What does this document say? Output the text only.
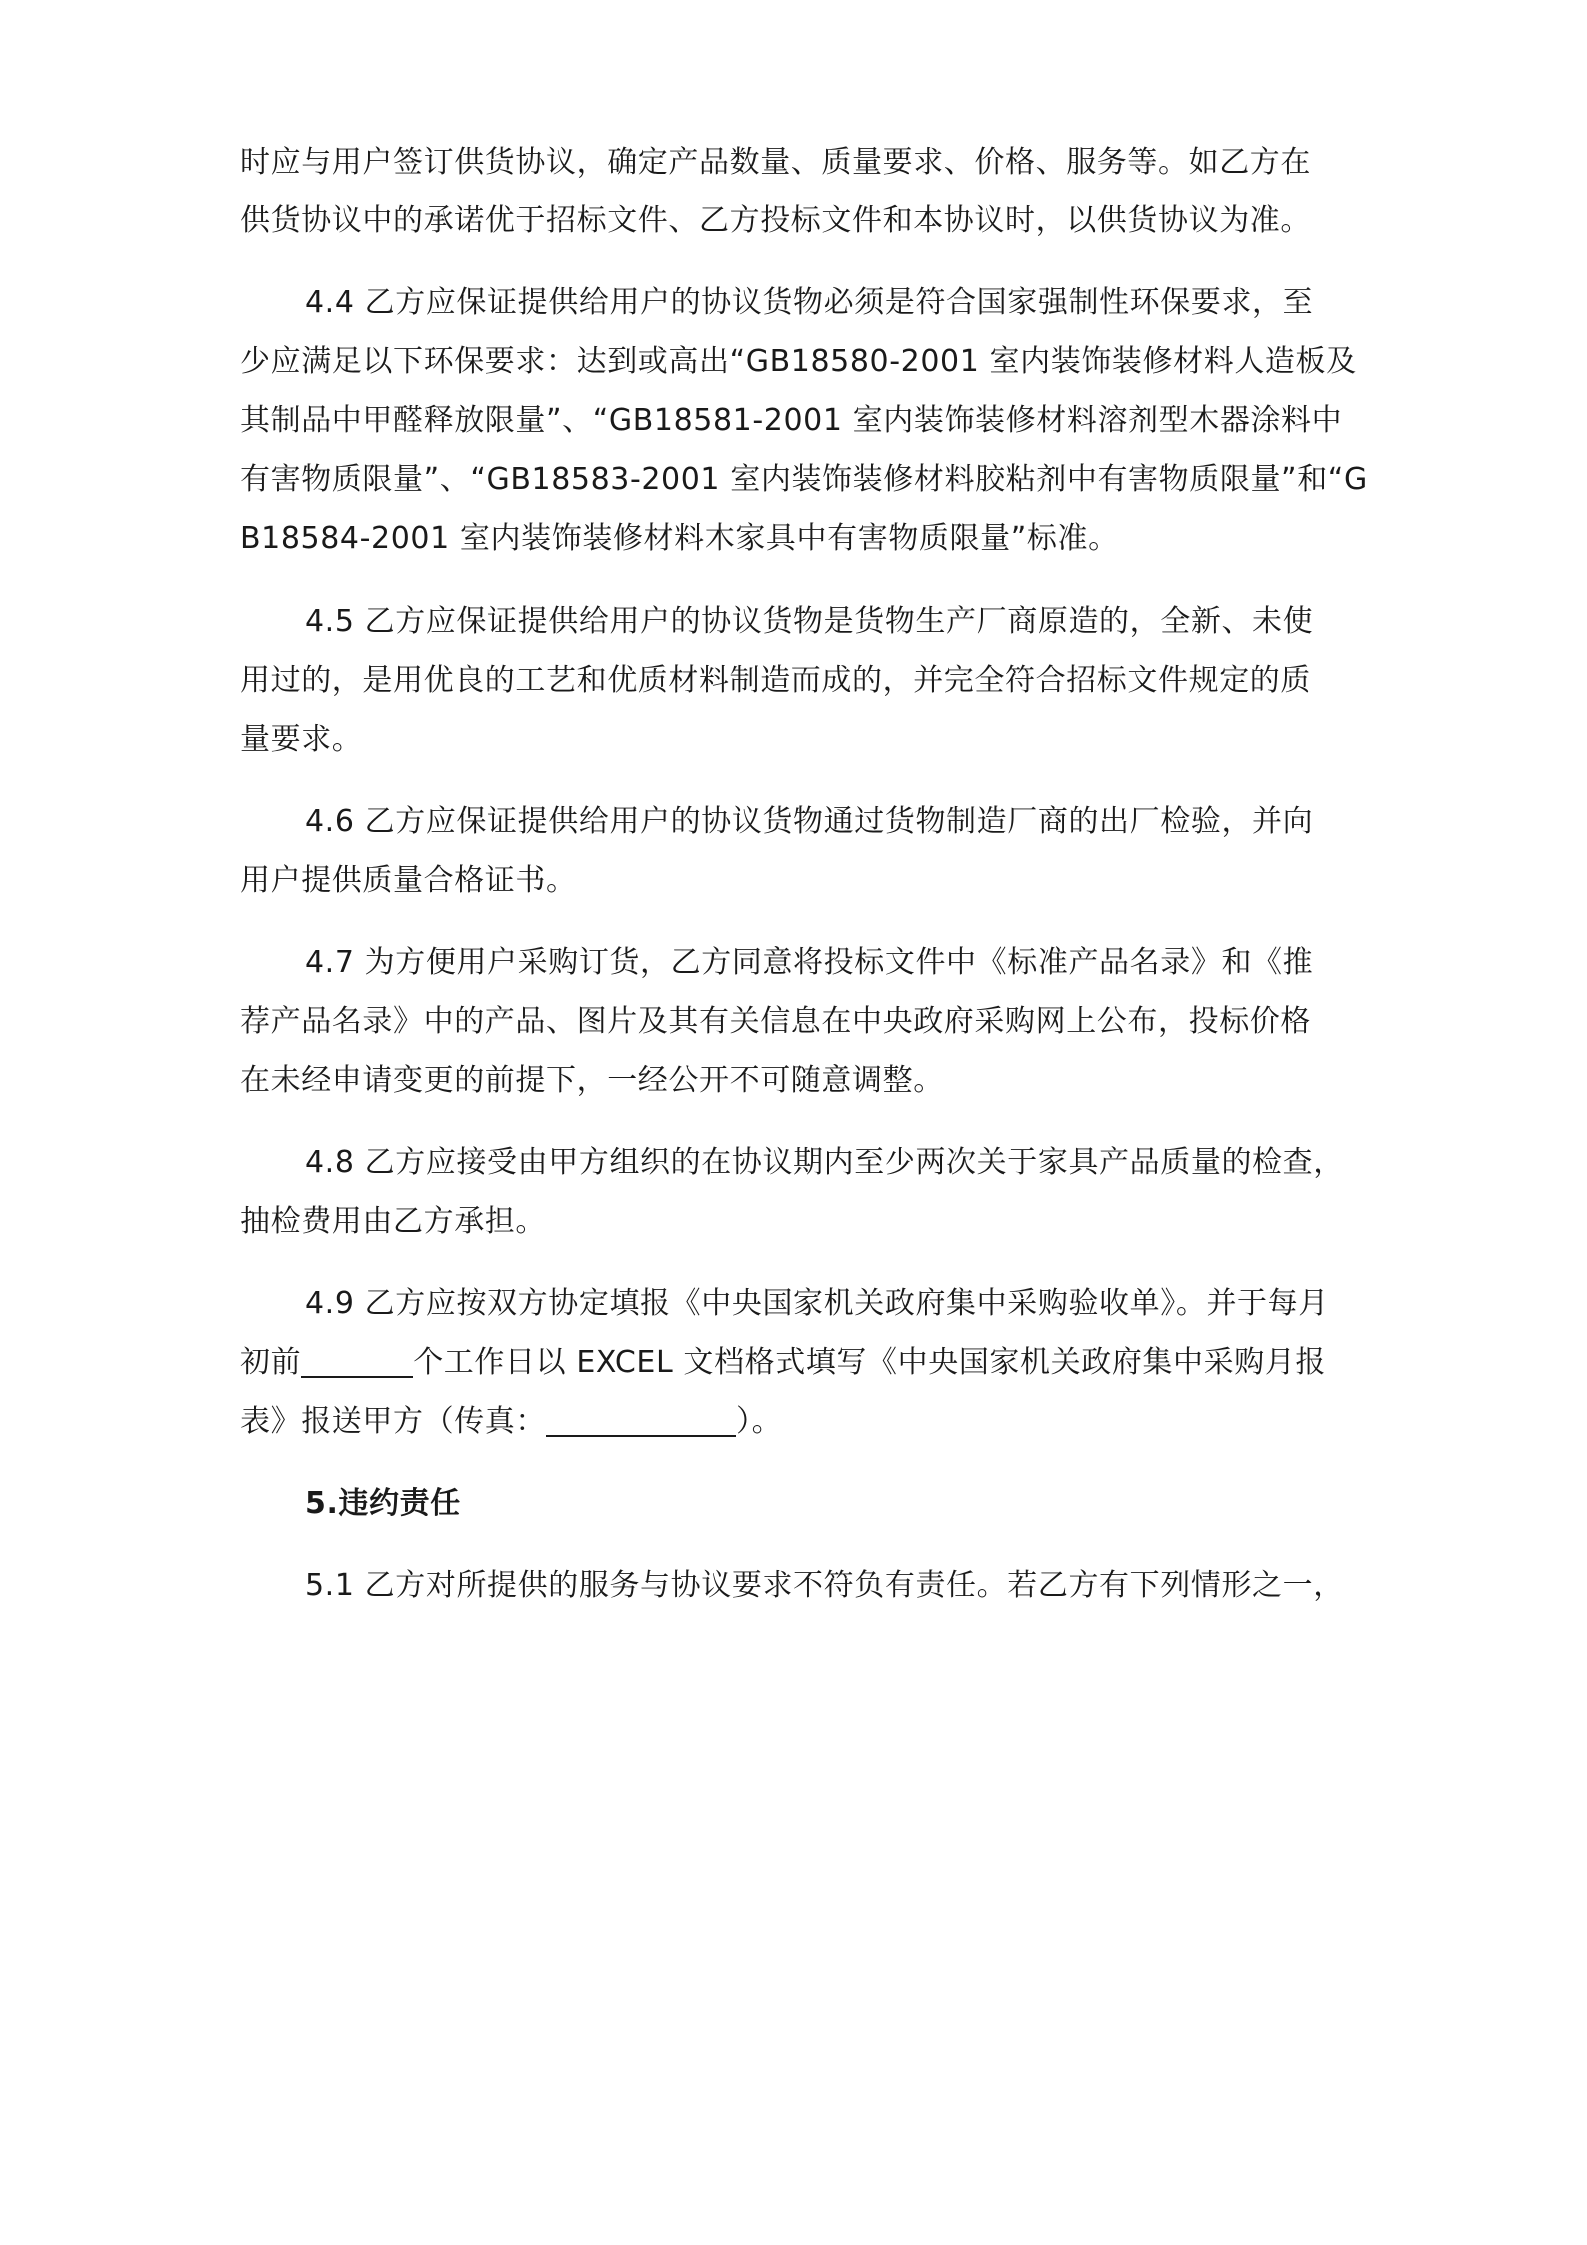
时应与用户签订供货协议，确定产品数量、质量要求、价格、服务等。如乙方在
供货协议中的承诺优于招标文件、乙方投标文件和本协议时，以供货协议为准。
4.4 乙方应保证提供给用户的协议货物必须是符合国家强制性环保要求，至
少应满足以下环保要求：达到或高出“GB18580-2001 室内装饰装修材料人造板及
其制品中甲醛释放限量”、“GB18581-2001 室内装饰装修材料溶剂型木器涂料中
有害物质限量”、“GB18583-2001 室内装饰装修材料胶粘剂中有害物质限量”和“G
B18584-2001 室内装饰装修材料木家具中有害物质限量”标准。
4.5 乙方应保证提供给用户的协议货物是货物生产厂商原造的，全新、未使
用过的，是用优良的工艺和优质材料制造而成的，并完全符合招标文件规定的质
量要求。
4.6 乙方应保证提供给用户的协议货物通过货物制造厂商的出厂检验，并向
用户提供质量合格证书。
4.7 为方便用户采购订货，乙方同意将投标文件中《标准产品名录》和《推
荐产品名录》中的产品、图片及其有关信息在中央政府采购网上公布，投标价格
在未经申请变更的前提下，一经公开不可随意调整。
4.8 乙方应接受由甲方组织的在协议期内至少两次关于家具产品质量的检查，
抽检费用由乙方承担。
4.9 乙方应按双方协定填报《中央国家机关政府集中采购验收单》。并于每月
初前	个工作日以 EXCEL 文档格式填写《中央国家机关政府集中采购月报
表》报送甲方（传真：	）。
5.违约责任
5.1 乙方对所提供的服务与协议要求不符负有责任。若乙方有下列情形之一，
